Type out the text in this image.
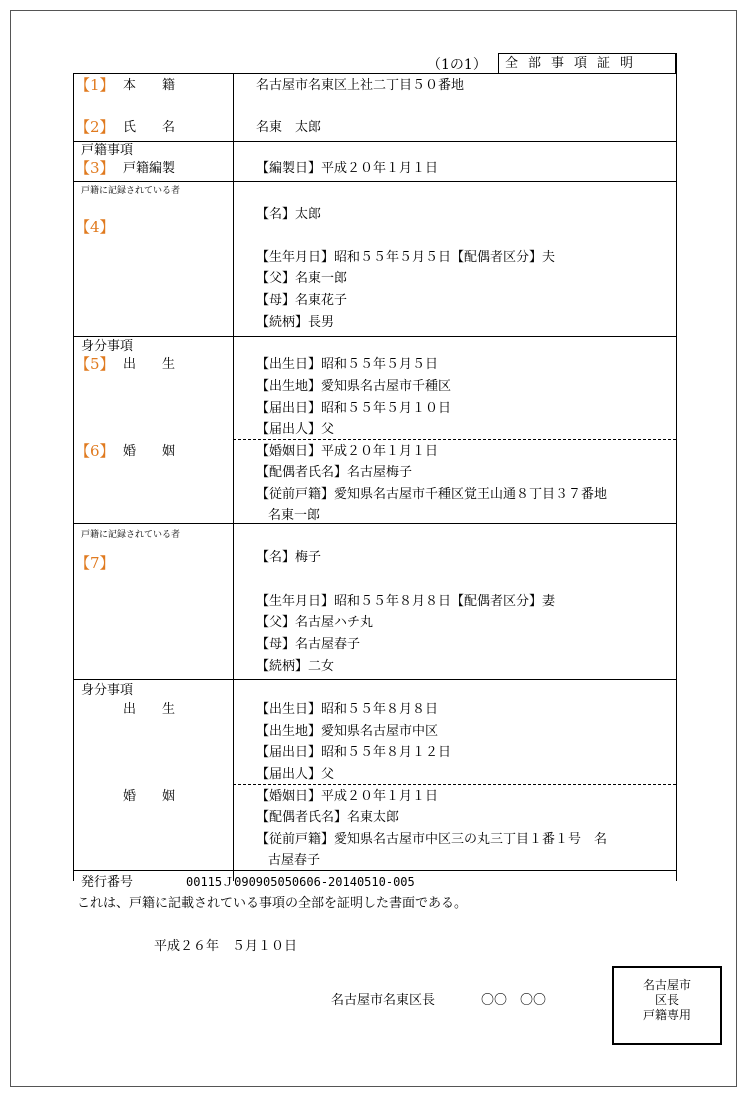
（1の1）	全部事項証明
【1】 本　　籍	名古屋市名東区上社二丁目５０番地
【2】 氏　　名	名東　太郎
戸籍事項
【3】 戸籍編製	【編製日】平成２０年１月１日
戸籍に記録されている者
【4】
【名】太郎
【生年月日】昭和５５年５月５日【配偶者区分】夫
【父】名東一郎
【母】名東花子
【続柄】長男
身分事項
【5】 出　　生	【出生日】昭和５５年５月５日
【出生地】愛知県名古屋市千種区
【届出日】昭和５５年５月１０日
【届出人】父
【6】 婚　　姻	【婚姻日】平成２０年１月１日
【配偶者氏名】名古屋梅子
【従前戸籍】愛知県名古屋市千種区覚王山通８丁目３７番地
名東一郎
戸籍に記録されている者
【7】	【名】梅子
【生年月日】昭和５５年８月８日【配偶者区分】妻
【父】名古屋ハチ丸
【母】名古屋春子
【続柄】二女
身分事項
出　　生	【出生日】昭和５５年８月８日
【出生地】愛知県名古屋市中区
【届出日】昭和５５年８月１２日
【届出人】父
婚　　姻	【婚姻日】平成２０年１月１日
【配偶者氏名】名東太郎
【従前戸籍】愛知県名古屋市中区三の丸三丁目１番１号　名
古屋春子
発行番号	00115Ｊ090905050606-20140510-005
これは、戸籍に記載されている事項の全部を証明した書面である。
平成２６年　５月１０日
名古屋市名東区長	〇〇　〇〇
名古屋市
区長
戸籍専用
